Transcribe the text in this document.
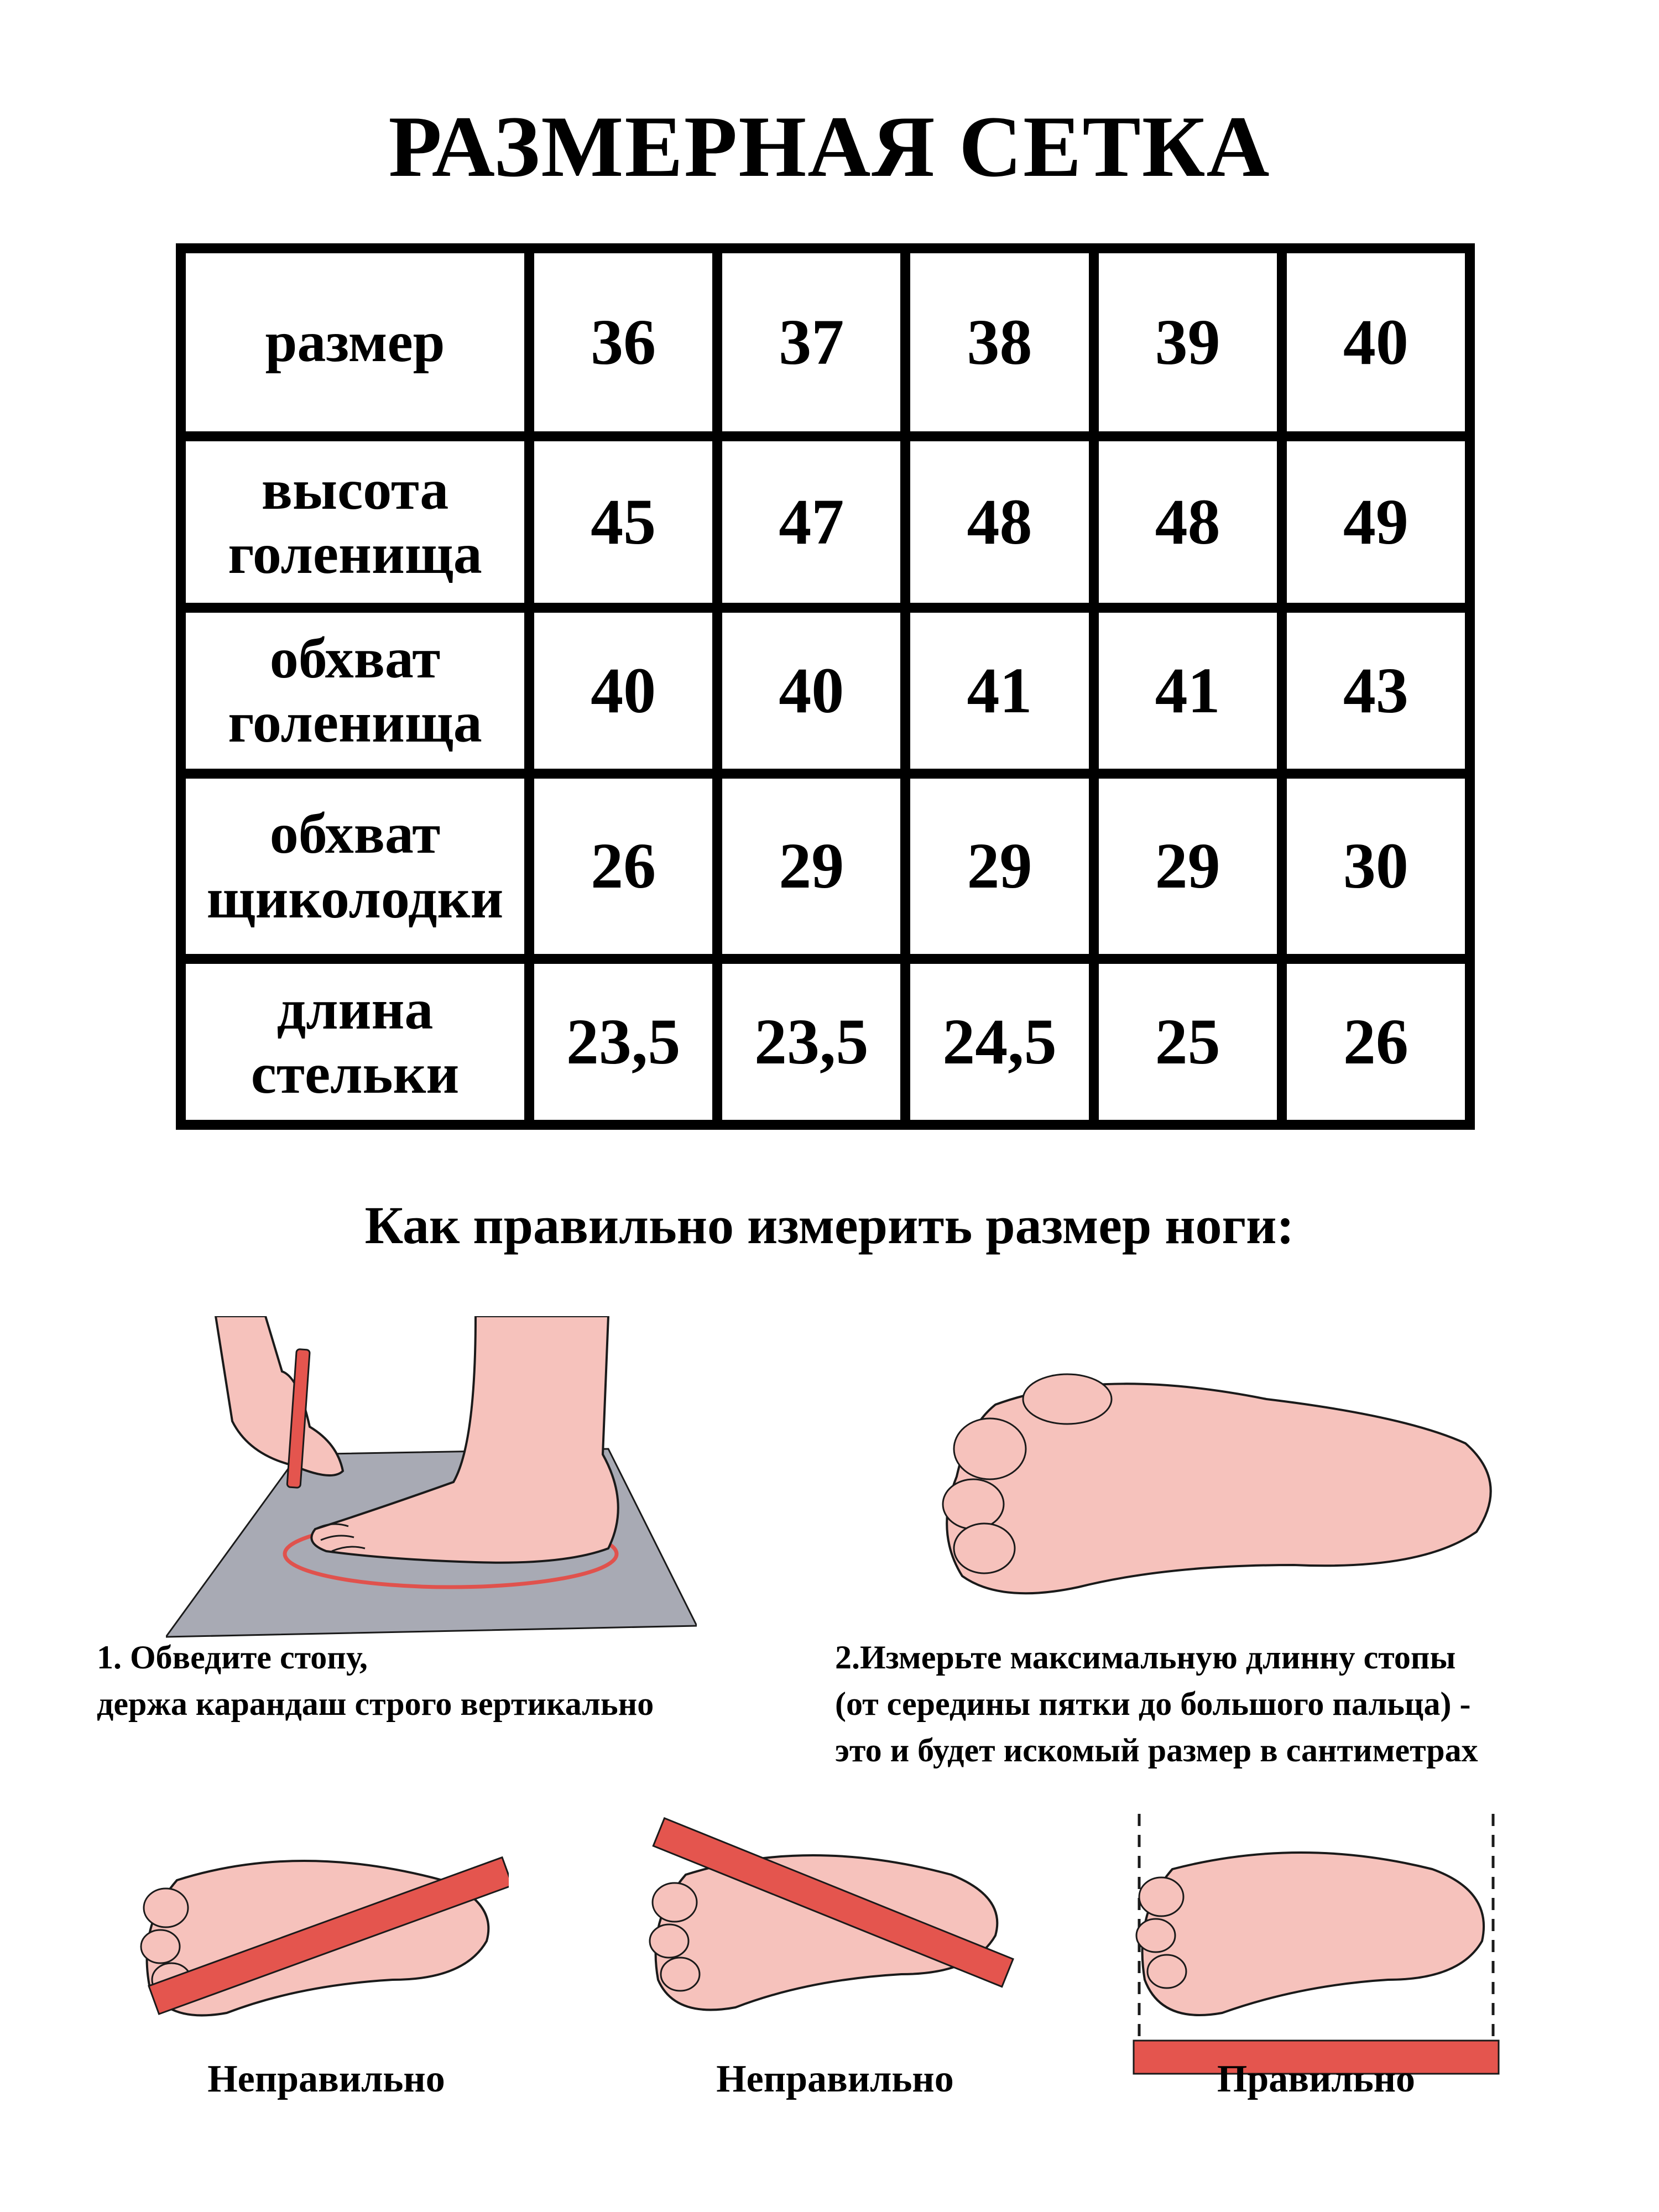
РАЗМЕРНАЯ СЕТКА
размер	36	37	38	39	40
высота голенища	45	47	48	48	49
обхват голенища	40	40	41	41	43
обхват щиколодки	26	29	29	29	30
длина стельки	23,5	23,5	24,5	25	26
Как правильно измерить размер ноги:
1. Обведите стопу,
держа карандаш строго вертикально
2.Измерьте максимальную длинну стопы
(от середины пятки до большого пальца) -
это и будет искомый размер в сантиметрах
Неправильно	Неправильно	Правильно
